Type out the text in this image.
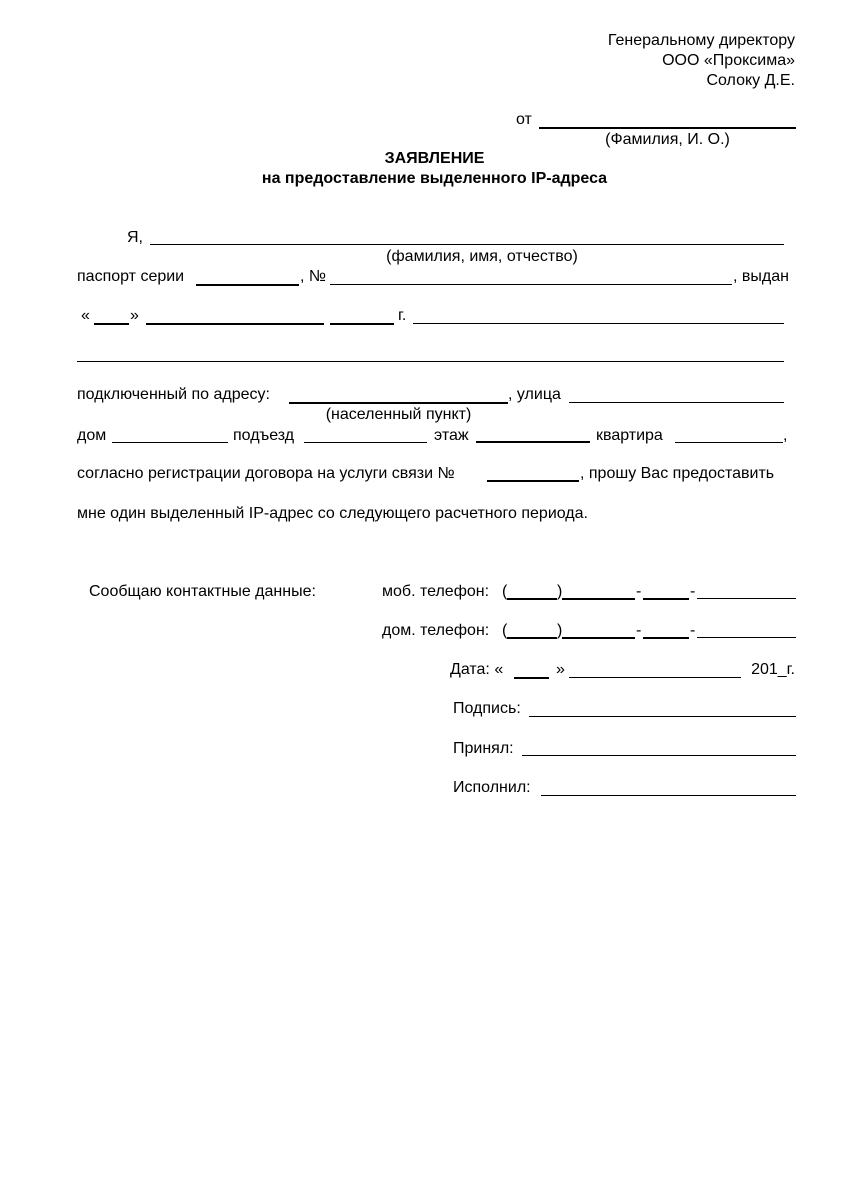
Генеральному директору
ООО «Проксима»
Солоку Д.Е.
от
(Фамилия, И. О.)
ЗАЯВЛЕНИЕ
на предоставление выделенного IP-адреса
Я,
(фамилия, имя, отчество)
паспорт серии	, №	, выдан
«	»	г.
подключенный по адресу:
(населенный пункт)
, улица
дом	подъезд	этаж	квартира	,
согласно регистрации договора на услуги связи №	, прошу Вас предоставить
мне один выделенный IP-адрес со следующего расчетного периода.
Сообщаю контактные данные:	моб. телефон: (	)	-	-
дом. телефон: (	)	-	-
Дата: «	»	201_г.
Подпись:
Принял:
Исполнил:
